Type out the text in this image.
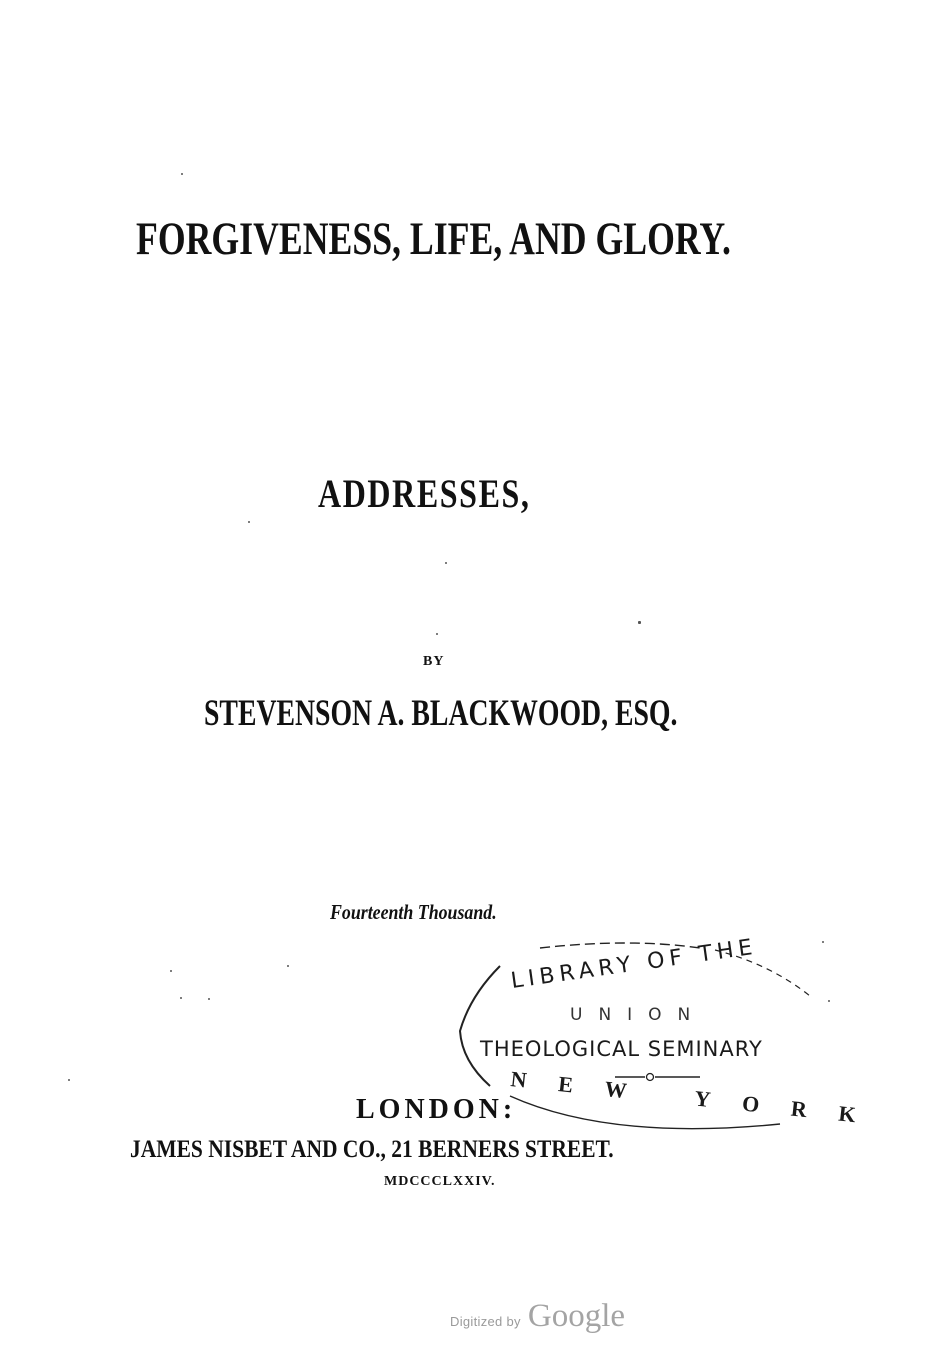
FORGIVENESS, LIFE, AND GLORY.
ADDRESSES,
BY
STEVENSON A. BLACKWOOD, ESQ.
Fourteenth Thousand.
LIBRARY OF THE
UNION
THEOLOGICAL SEMINARY
NEW YORK
LONDON:
JAMES NISBET AND CO., 21 BERNERS STREET.
MDCCCLXXIV.
Digitized by Google
